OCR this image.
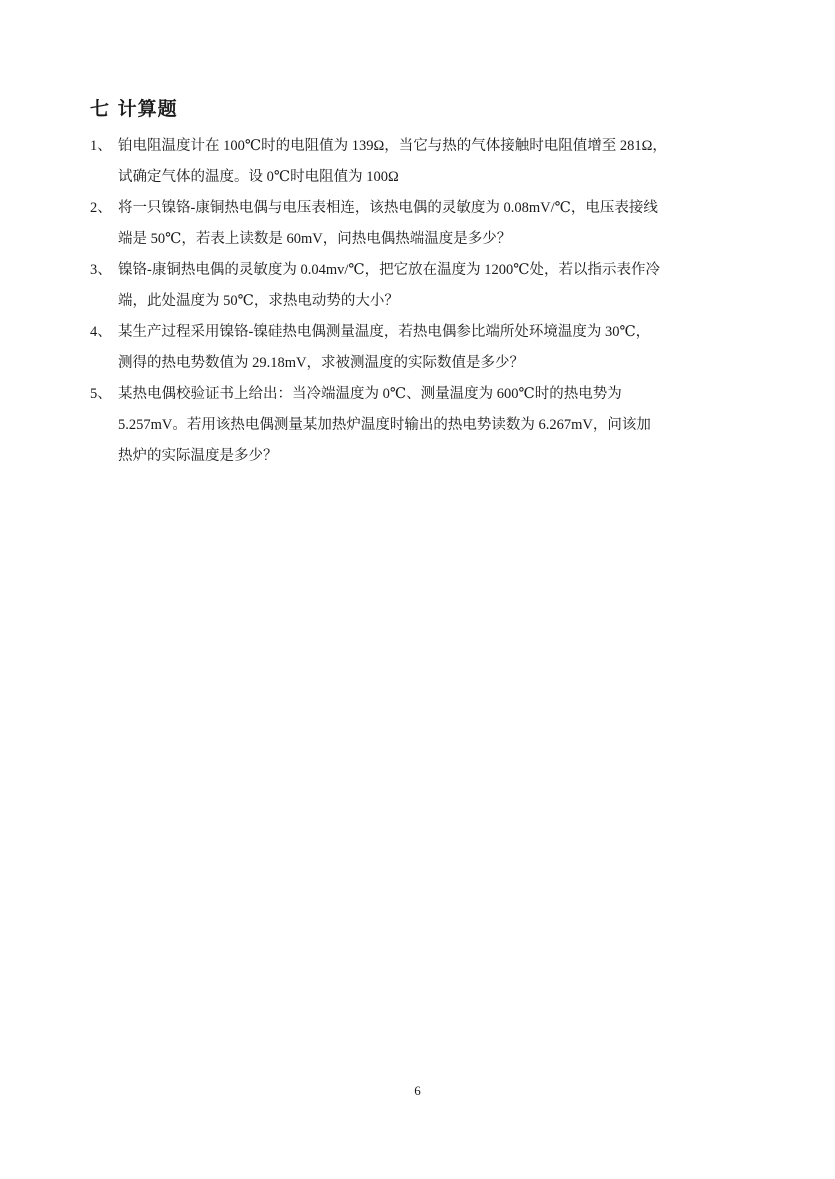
七 计算题
1、 铂电阻温度计在 100℃时的电阻值为 139Ω，当它与热的气体接触时电阻值增至 281Ω，
试确定气体的温度。设 0℃时电阻值为 100Ω
2、 将一只镍铬-康铜热电偶与电压表相连，该热电偶的灵敏度为 0.08mV/℃，电压表接线
端是 50℃，若表上读数是 60mV，问热电偶热端温度是多少？
3、 镍铬-康铜热电偶的灵敏度为 0.04mv/℃，把它放在温度为 1200℃处，若以指示表作冷
端，此处温度为 50℃，求热电动势的大小？
4、 某生产过程采用镍铬-镍硅热电偶测量温度，若热电偶参比端所处环境温度为 30℃，
测得的热电势数值为 29.18mV，求被测温度的实际数值是多少？
5、 某热电偶校验证书上给出：当冷端温度为 0℃、测量温度为 600℃时的热电势为
5.257mV。若用该热电偶测量某加热炉温度时输出的热电势读数为 6.267mV，问该加
热炉的实际温度是多少？
6
